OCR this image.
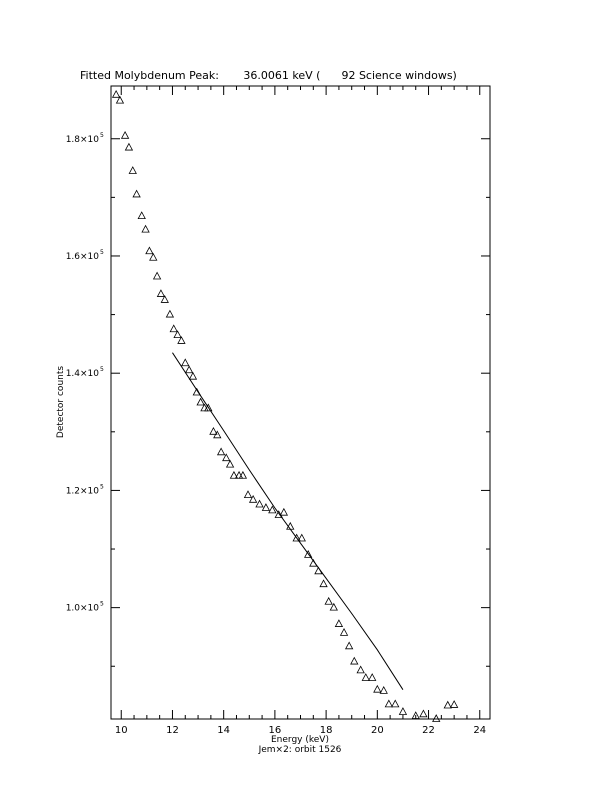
10	12	14	16	18	20	22	24
1.0×10 5
1.2×10 5
1.4×10 5
1.6×10 5
1.8×10 5
Fitted Molybdenum Peak:       36.0061 keV (      92 Science windows)
Energy (keV)
Jem×2: orbit 1526
Detector counts
